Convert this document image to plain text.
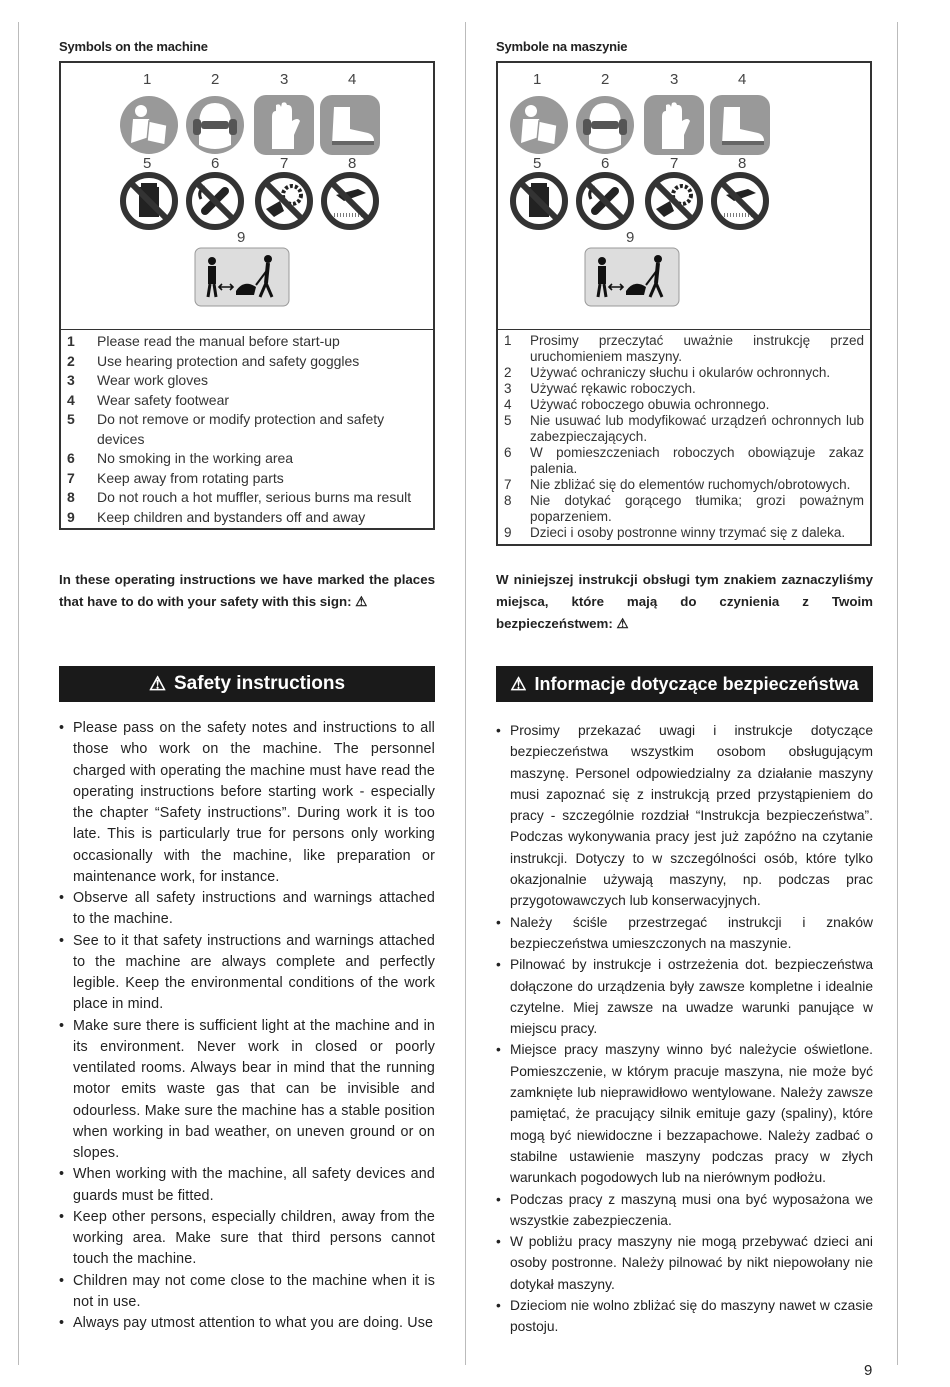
Symbols on the machine
1	2	3	4
5	6	7	8
9
1	Please read the manual before start-up
2	Use hearing protection and safety goggles
3	Wear work gloves
4	Wear safety footwear
5	Do not remove or modify protection and safety devices
6	No smoking in the working area
7	Keep away from rotating parts
8	Do not rouch a hot muffler, serious burns ma result
9	Keep children and bystanders off and away
In these operating instructions we have marked the places that have to do with your safety with this sign: ⚠
⚠ Safety instructions
• Please pass on the safety notes and instructions to all those who work on the machine. The personnel charged with operating the machine must have read the operating instructions before starting work - especially the chapter “Safety instructions”. During work it is too late. This is particularly true for persons only working occasionally with the machine, like preparation or maintenance work, for instance.
• Observe all safety instructions and warnings attached to the machine.
• See to it that safety instructions and warnings attached to the machine are always complete and perfectly legible. Keep the environmental conditions of the work place in mind.
• Make sure there is sufficient light at the machine and in its environment. Never work in closed or poorly ventilated rooms. Always bear in mind that the running motor emits waste gas that can be invisible and odourless. Make sure the machine has a stable position when working in bad weather, on uneven ground or on slopes.
• When working with the machine, all safety devices and guards must be fitted.
• Keep other persons, especially children, away from the working area. Make sure that third persons cannot touch the machine.
• Children may not come close to the machine when it is not in use.
• Always pay utmost attention to what you are doing. Use
Symbole na maszynie
1	2	3	4
5	6	7	8
9
1	Prosimy przeczytać uważnie instrukcję przed uruchomieniem maszyny.
2	Używać ochraniczy słuchu i okularów ochronnych.
3	Używać rękawic roboczych.
4	Używać roboczego obuwia ochronnego.
5	Nie usuwać lub modyfikować urządzeń ochronnych lub zabezpieczających.
6	W pomieszczeniach roboczych obowiązuje zakaz palenia.
7	Nie zbliżać się do elementów ruchomych/obrotowych.
8	Nie dotykać gorącego tłumika; grozi poważnym poparzeniem.
9	Dzieci i osoby postronne winny trzymać się z daleka.
W niniejszej instrukcji obsługi tym znakiem zaznaczyliśmy miejsca, które mają do czynienia z Twoim bezpieczeństwem: ⚠
⚠ Informacje dotyczące bezpieczeństwa
• Prosimy przekazać uwagi i instrukcje dotyczące bezpieczeństwa wszystkim osobom obsługującym maszynę. Personel odpowiedzialny za działanie maszyny musi zapoznać się z instrukcją przed przystąpieniem do pracy - szczególnie rozdział “Instrukcja bezpieczeństwa”. Podczas wykonywania pracy jest już zapóźno na czytanie instrukcji. Dotyczy to w szczególności osób, które tylko okazjonalnie używają maszyny, np. podczas prac przygotowawczych lub konserwacyjnych.
• Należy ściśle przestrzegać instrukcji i znaków bezpieczeństwa umieszczonych na maszynie.
• Pilnować by instrukcje i ostrzeżenia dot. bezpieczeństwa dołączone do urządzenia były zawsze kompletne i idealnie czytelne. Miej zawsze na uwadze warunki panujące w miejscu pracy.
• Miejsce pracy maszyny winno być należycie oświetlone. Pomieszczenie, w którym pracuje maszyna, nie może być zamknięte lub nieprawidłowo wentylowane. Należy zawsze pamiętać, że pracujący silnik emituje gazy (spaliny), które mogą być niewidoczne i bezzapachowe. Należy zadbać o stabilne ustawienie maszyny podczas pracy w złych warunkach pogodowych lub na nierównym podłożu.
• Podczas pracy z maszyną musi ona być wyposażona we wszystkie zabezpieczenia.
• W pobliżu pracy maszyny nie mogą przebywać dzieci ani osoby postronne. Należy pilnować by nikt niepowołany nie dotykał maszyny.
• Dzieciom nie wolno zbliżać się do maszyny nawet w czasie postoju.
9
